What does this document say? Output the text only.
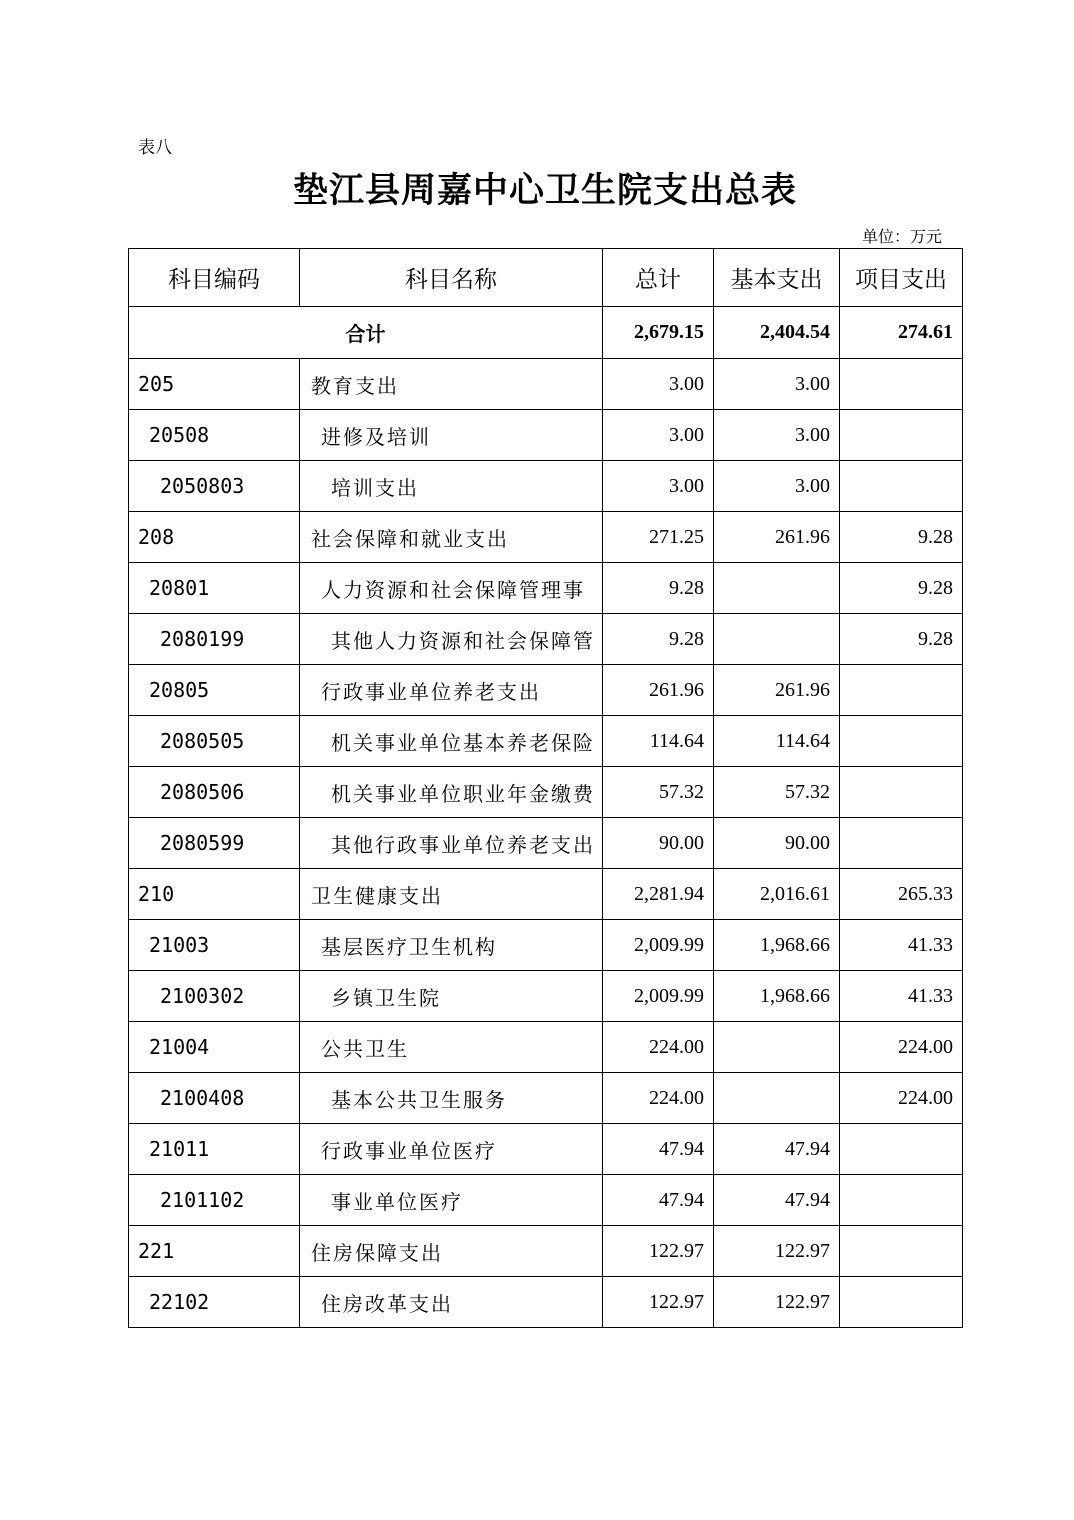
表八
垫江县周嘉中心卫生院支出总表
单位：万元
科目编码	科目名称	总计	基本支出	项目支出
合计		2,679.15	2,404.54	274.61
205	教育支出	3.00	3.00	
20508	进修及培训	3.00	3.00	
2050803	培训支出	3.00	3.00	
208	社会保障和就业支出	271.25	261.96	9.28
20801	人力资源和社会保障管理事	9.28		9.28
2080199	其他人力资源和社会保障管	9.28		9.28
20805	行政事业单位养老支出	261.96	261.96	
2080505	机关事业单位基本养老保险	114.64	114.64	
2080506	机关事业单位职业年金缴费	57.32	57.32	
2080599	其他行政事业单位养老支出	90.00	90.00	
210	卫生健康支出	2,281.94	2,016.61	265.33
21003	基层医疗卫生机构	2,009.99	1,968.66	41.33
2100302	乡镇卫生院	2,009.99	1,968.66	41.33
21004	公共卫生	224.00		224.00
2100408	基本公共卫生服务	224.00		224.00
21011	行政事业单位医疗	47.94	47.94	
2101102	事业单位医疗	47.94	47.94	
221	住房保障支出	122.97	122.97	
22102	住房改革支出	122.97	122.97	
